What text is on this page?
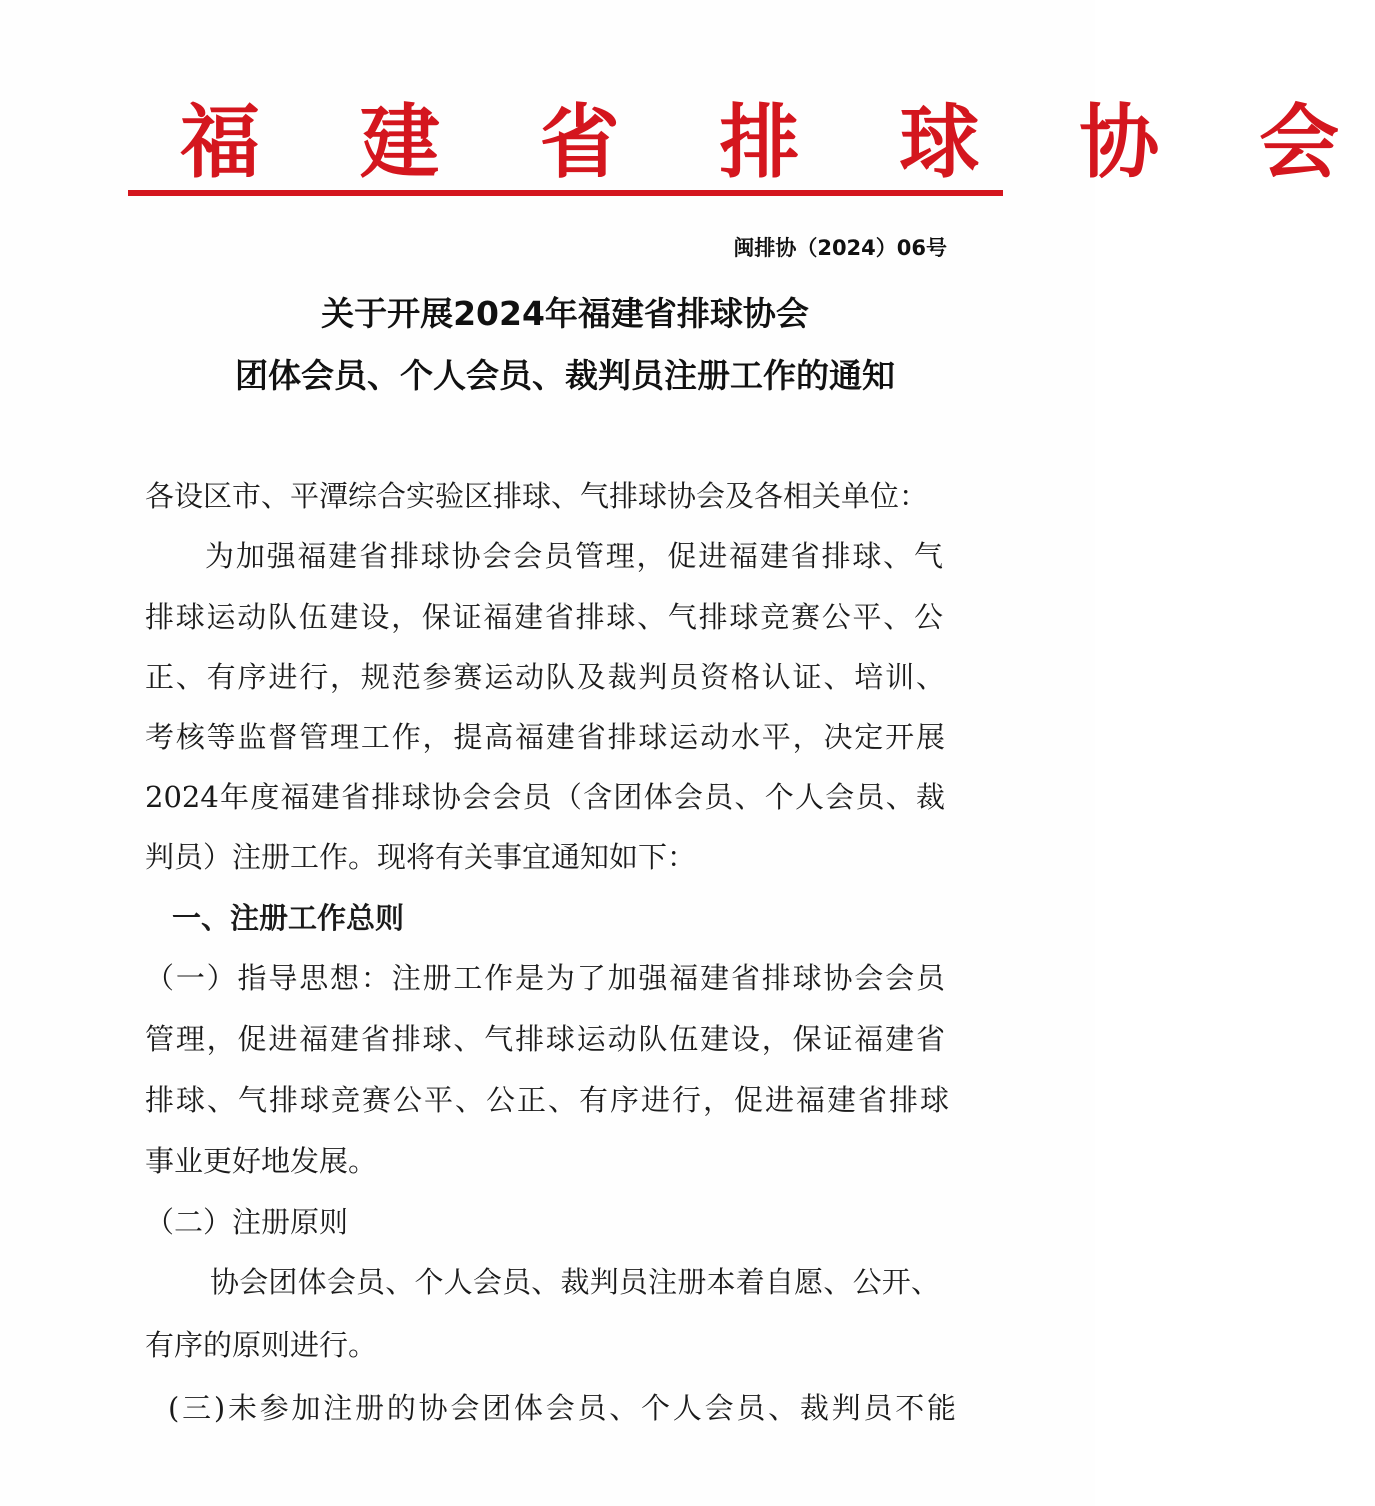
福 建 省 排 球 协 会
闽排协（2024）06号
关于开展2024年福建省排球协会
团体会员、个人会员、裁判员注册工作的通知
各设区市、平潭综合实验区排球、气排球协会及各相关单位：
为加强福建省排球协会会员管理，促进福建省排球、气
排球运动队伍建设，保证福建省排球、气排球竞赛公平、公
正、有序进行，规范参赛运动队及裁判员资格认证、培训、
考核等监督管理工作，提高福建省排球运动水平，决定开展
2024年度福建省排球协会会员（含团体会员、个人会员、裁
判员）注册工作。现将有关事宜通知如下：
一、注册工作总则
（一）指导思想：注册工作是为了加强福建省排球协会会员
管理，促进福建省排球、气排球运动队伍建设，保证福建省
排球、气排球竞赛公平、公正、有序进行，促进福建省排球
事业更好地发展。
（二）注册原则
协会团体会员、个人会员、裁判员注册本着自愿、公开、
有序的原则进行。
(三)未参加注册的协会团体会员、个人会员、裁判员不能
